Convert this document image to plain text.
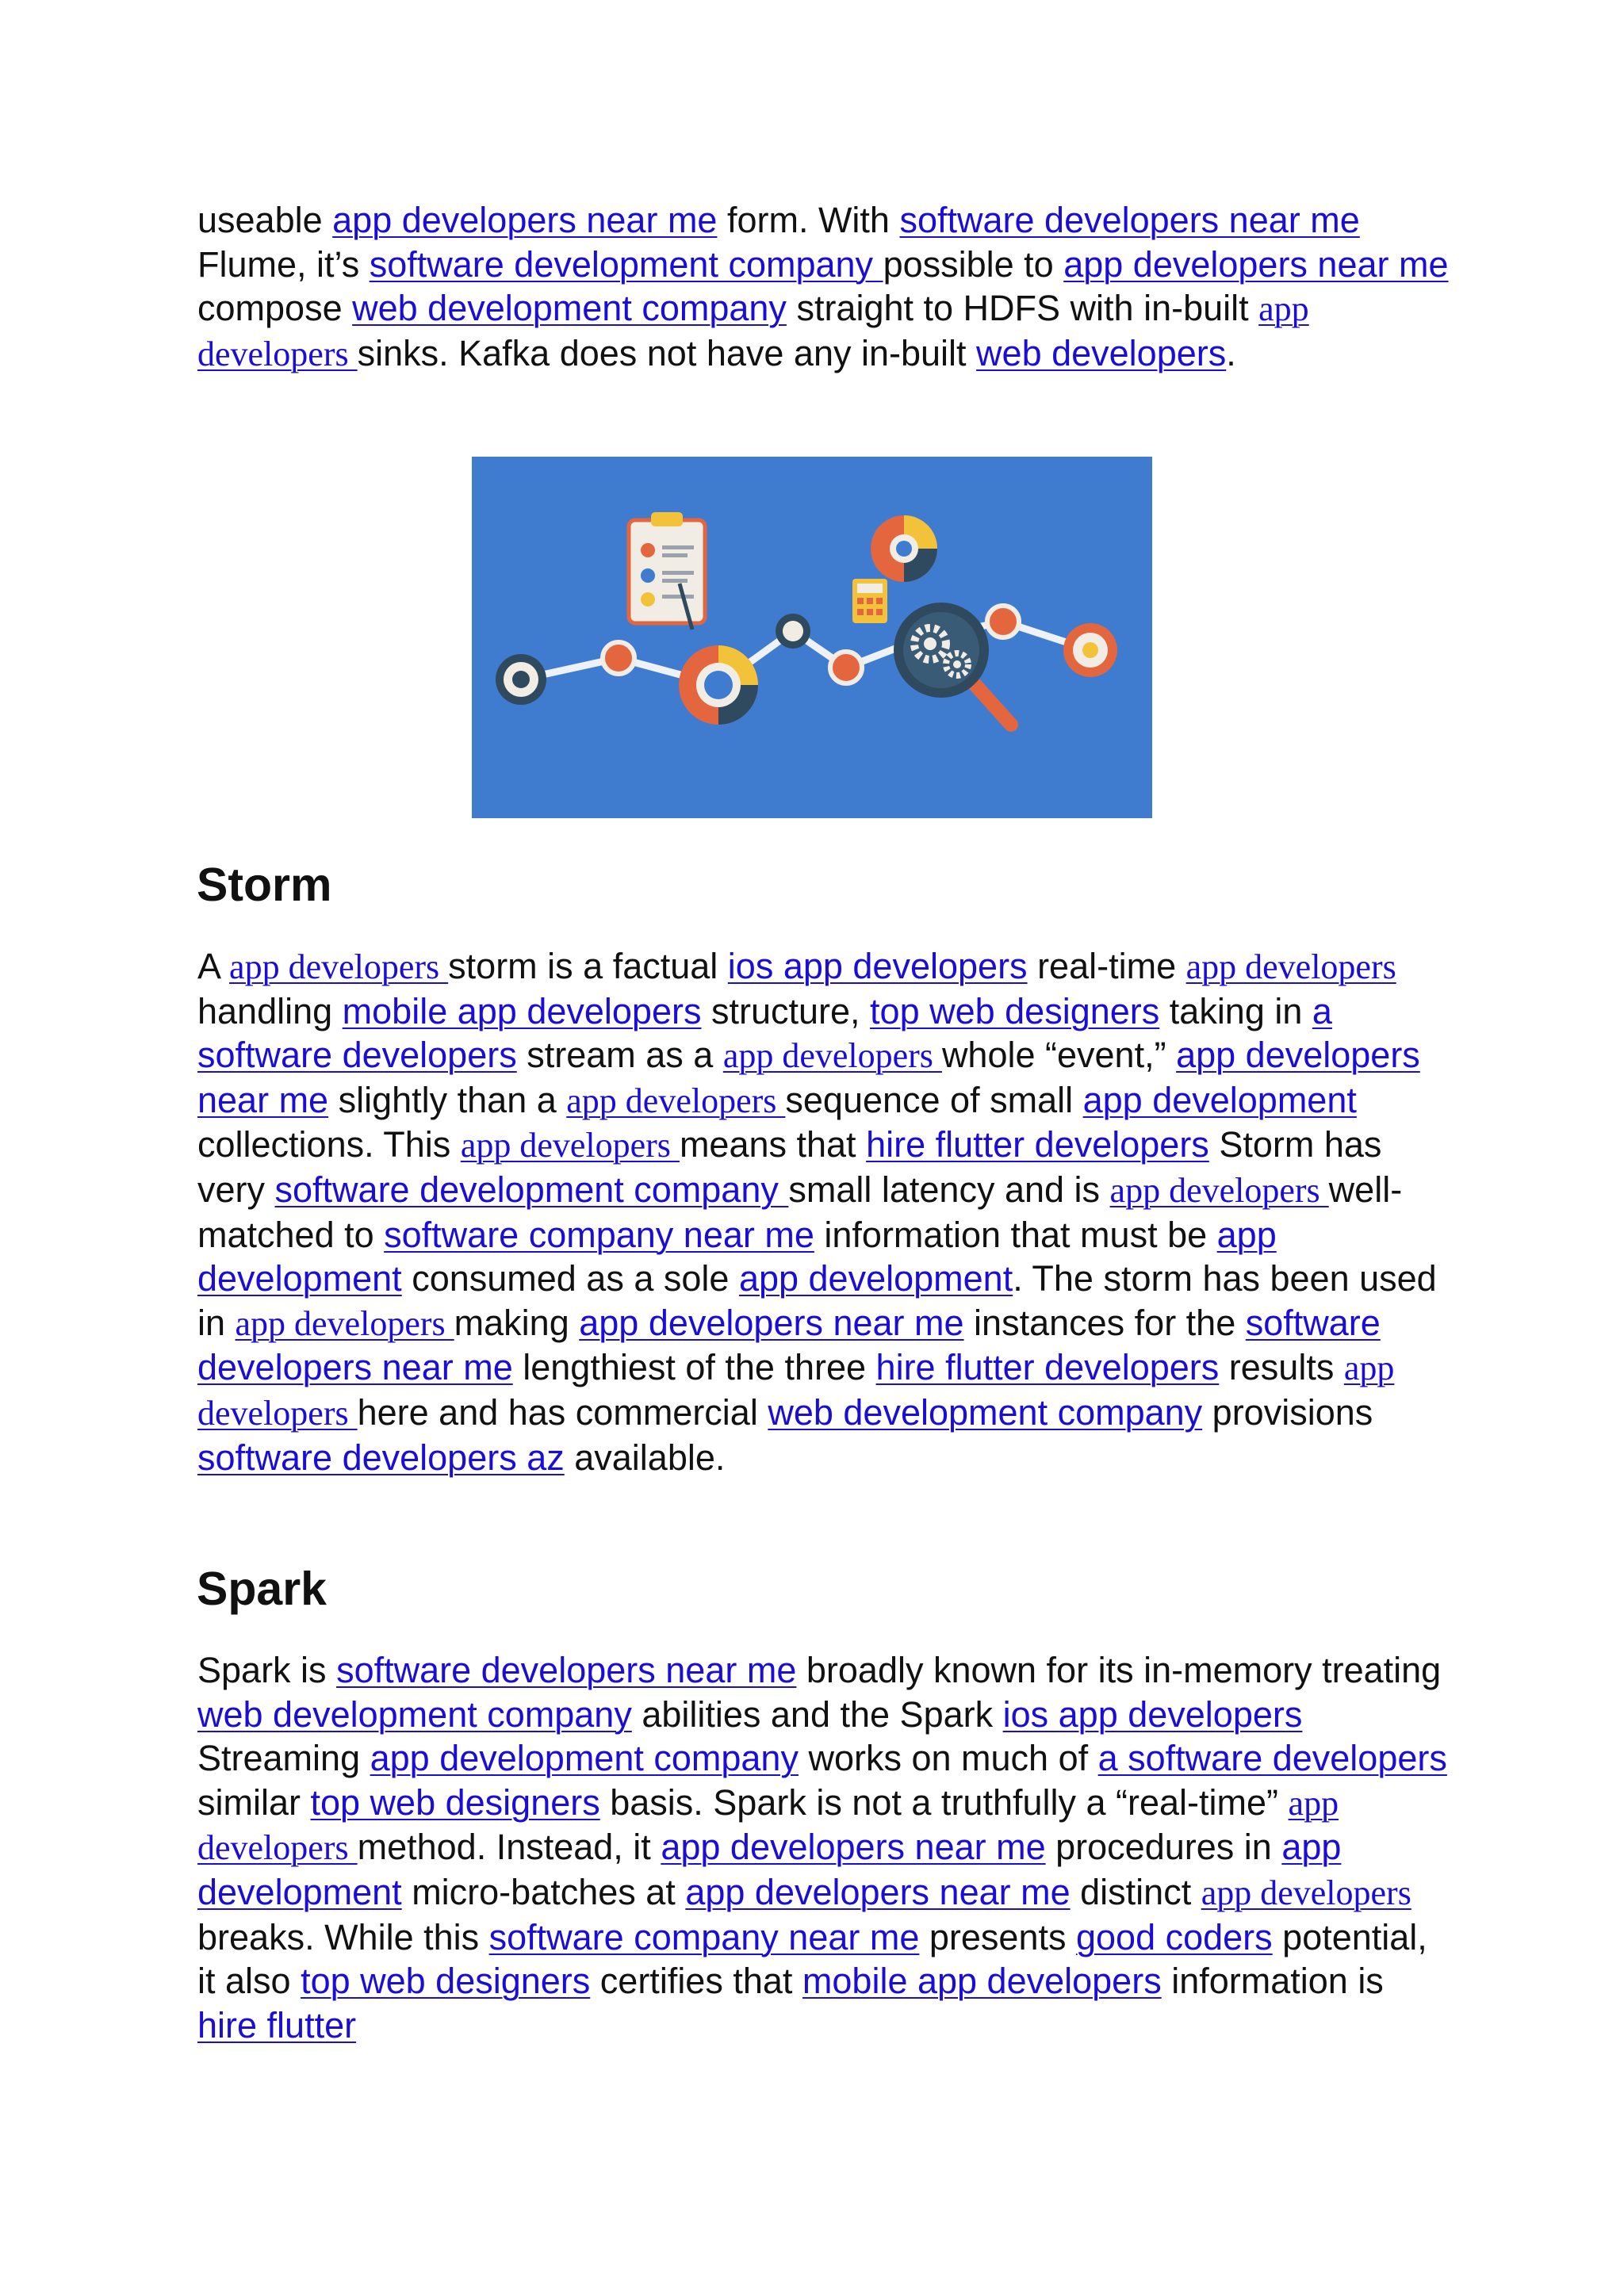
useable app developers near me form. With software developers near me Flume, it’s software development company possible to app developers near me compose web development company straight to HDFS with in-built app developers sinks. Kafka does not have any in-built web developers.

Storm

A app developers storm is a factual ios app developers real-time app developers handling mobile app developers structure, top web designers taking in a software developers stream as a app developers whole “event,” app developers near me slightly than a app developers sequence of small app development collections. This app developers means that hire flutter developers Storm has very software development company small latency and is app developers well-matched to software company near me information that must be app development consumed as a sole app development. The storm has been used in app developers making app developers near me instances for the software developers near me lengthiest of the three hire flutter developers results app developers here and has commercial web development company provisions software developers az available.

Spark

Spark is software developers near me broadly known for its in-memory treating web development company abilities and the Spark ios app developers Streaming app development company works on much of a software developers similar top web designers basis. Spark is not a truthfully a “real-time” app developers method. Instead, it app developers near me procedures in app development micro-batches at app developers near me distinct app developers breaks. While this software company near me presents good coders potential, it also top web designers certifies that mobile app developers information is hire flutter
